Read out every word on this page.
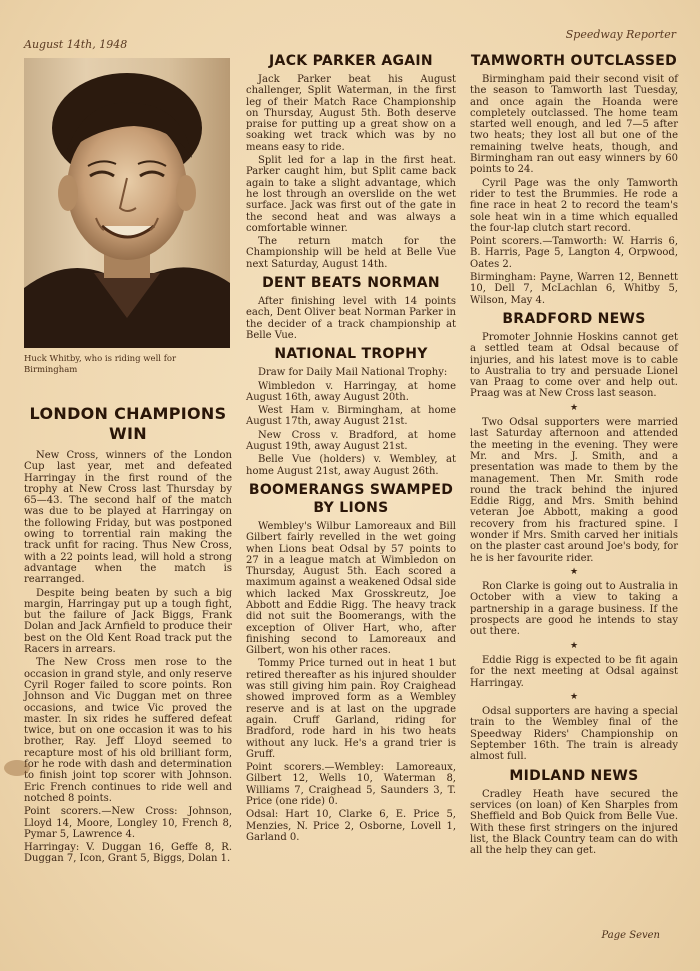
August 14th, 1948
Speedway Reporter
Huck Whitby, who is riding well for Birmingham
LONDON CHAMPIONS WIN

New Cross, winners of the London Cup last year, met and defeated Harringay in the first round of the trophy at New Cross last Thursday by 65—43. The second half of the match was due to be played at Harringay on the following Friday, but was postponed owing to torrential rain making the track unfit for racing. Thus New Cross, with a 22 points lead, will hold a strong advantage when the match is rearranged.

Despite being beaten by such a big margin, Harringay put up a tough fight, but the failure of Jack Biggs, Frank Dolan and Jack Arnfield to produce their best on the Old Kent Road track put the Racers in arrears.

The New Cross men rose to the occasion in grand style, and only reserve Cyril Roger failed to score points. Ron Johnson and Vic Duggan met on three occasions, and twice Vic proved the master. In six rides he suffered defeat twice, but on one occasion it was to his brother, Ray. Jeff Lloyd seemed to recapture most of his old brilliant form, for he rode with dash and determination to finish joint top scorer with Johnson. Eric French continues to ride well and notched 8 points.

Point scorers.—New Cross: Johnson, Lloyd 14, Moore, Longley 10, French 8, Pymar 5, Lawrence 4.

Harringay: V. Duggan 16, Geffe 8, R. Duggan 7, Icon, Grant 5, Biggs, Dolan 1.

JACK PARKER AGAIN

Jack Parker beat his August challenger, Split Waterman, in the first leg of their Match Race Championship on Thursday, August 5th. Both deserve praise for putting up a great show on a soaking wet track which was by no means easy to ride.

Split led for a lap in the first heat. Parker caught him, but Split came back again to take a slight advantage, which he lost through an overslide on the wet surface. Jack was first out of the gate in the second heat and was always a comfortable winner.

The return match for the Championship will be held at Belle Vue next Saturday, August 14th.

DENT BEATS NORMAN

After finishing level with 14 points each, Dent Oliver beat Norman Parker in the decider of a track championship at Belle Vue.

NATIONAL TROPHY

Draw for Daily Mail National Trophy:

Wimbledon v. Harringay, at home August 16th, away August 20th.

West Ham v. Birmingham, at home August 17th, away August 21st.

New Cross v. Bradford, at home August 19th, away August 21st.

Belle Vue (holders) v. Wembley, at home August 21st, away August 26th.

BOOMERANGS SWAMPED BY LIONS

Wembley's Wilbur Lamoreaux and Bill Gilbert fairly revelled in the wet going when Lions beat Odsal by 57 points to 27 in a league match at Wimbledon on Thursday, August 5th. Each scored a maximum against a weakened Odsal side which lacked Max Grosskreutz, Joe Abbott and Eddie Rigg. The heavy track did not suit the Boomerangs, with the exception of Oliver Hart, who, after finishing second to Lamoreaux and Gilbert, won his other races.

Tommy Price turned out in heat 1 but retired thereafter as his injured shoulder was still giving him pain. Roy Craighead showed improved form as a Wembley reserve and is at last on the upgrade again. Cruff Garland, riding for Bradford, rode hard in his two heats without any luck. He's a grand trier is Gruff.

Point scorers.—Wembley: Lamoreaux, Gilbert 12, Wells 10, Waterman 8, Williams 7, Craighead 5, Saunders 3, T. Price (one ride) 0.

Odsal: Hart 10, Clarke 6, E. Price 5, Menzies, N. Price 2, Osborne, Lovell 1, Garland 0.

TAMWORTH OUTCLASSED

Birmingham paid their second visit of the season to Tamworth last Tuesday, and once again the Hoanda were completely outclassed. The home team started well enough, and led 7—5 after two heats; they lost all but one of the remaining twelve heats, though, and Birmingham ran out easy winners by 60 points to 24.

Cyril Page was the only Tamworth rider to test the Brummies. He rode a fine race in heat 2 to record the team's sole heat win in a time which equalled the four-lap clutch start record.

Point scorers.—Tamworth: W. Harris 6, B. Harris, Page 5, Langton 4, Orpwood, Oates 2.

Birmingham: Payne, Warren 12, Bennett 10, Dell 7, McLachlan 6, Whitby 5, Wilson, May 4.

BRADFORD NEWS

Promoter Johnnie Hoskins cannot get a settled team at Odsal because of injuries, and his latest move is to cable to Australia to try and persuade Lionel van Praag to come over and help out. Praag was at New Cross last season.

★

Two Odsal supporters were married last Saturday afternoon and attended the meeting in the evening. They were Mr. and Mrs. J. Smith, and a presentation was made to them by the management. Then Mr. Smith rode round the track behind the injured Eddie Rigg, and Mrs. Smith behind veteran Joe Abbott, making a good recovery from his fractured spine. I wonder if Mrs. Smith carved her initials on the plaster cast around Joe's body, for he is her favourite rider.

★

Ron Clarke is going out to Australia in October with a view to taking a partnership in a garage business. If the prospects are good he intends to stay out there.

★

Eddie Rigg is expected to be fit again for the next meeting at Odsal against Harringay.

★

Odsal supporters are having a special train to the Wembley final of the Speedway Riders' Championship on September 16th. The train is already almost full.

MIDLAND NEWS

Cradley Heath have secured the services (on loan) of Ken Sharples from Sheffield and Bob Quick from Belle Vue. With these first stringers on the injured list, the Black Country team can do with all the help they can get.

Page Seven
